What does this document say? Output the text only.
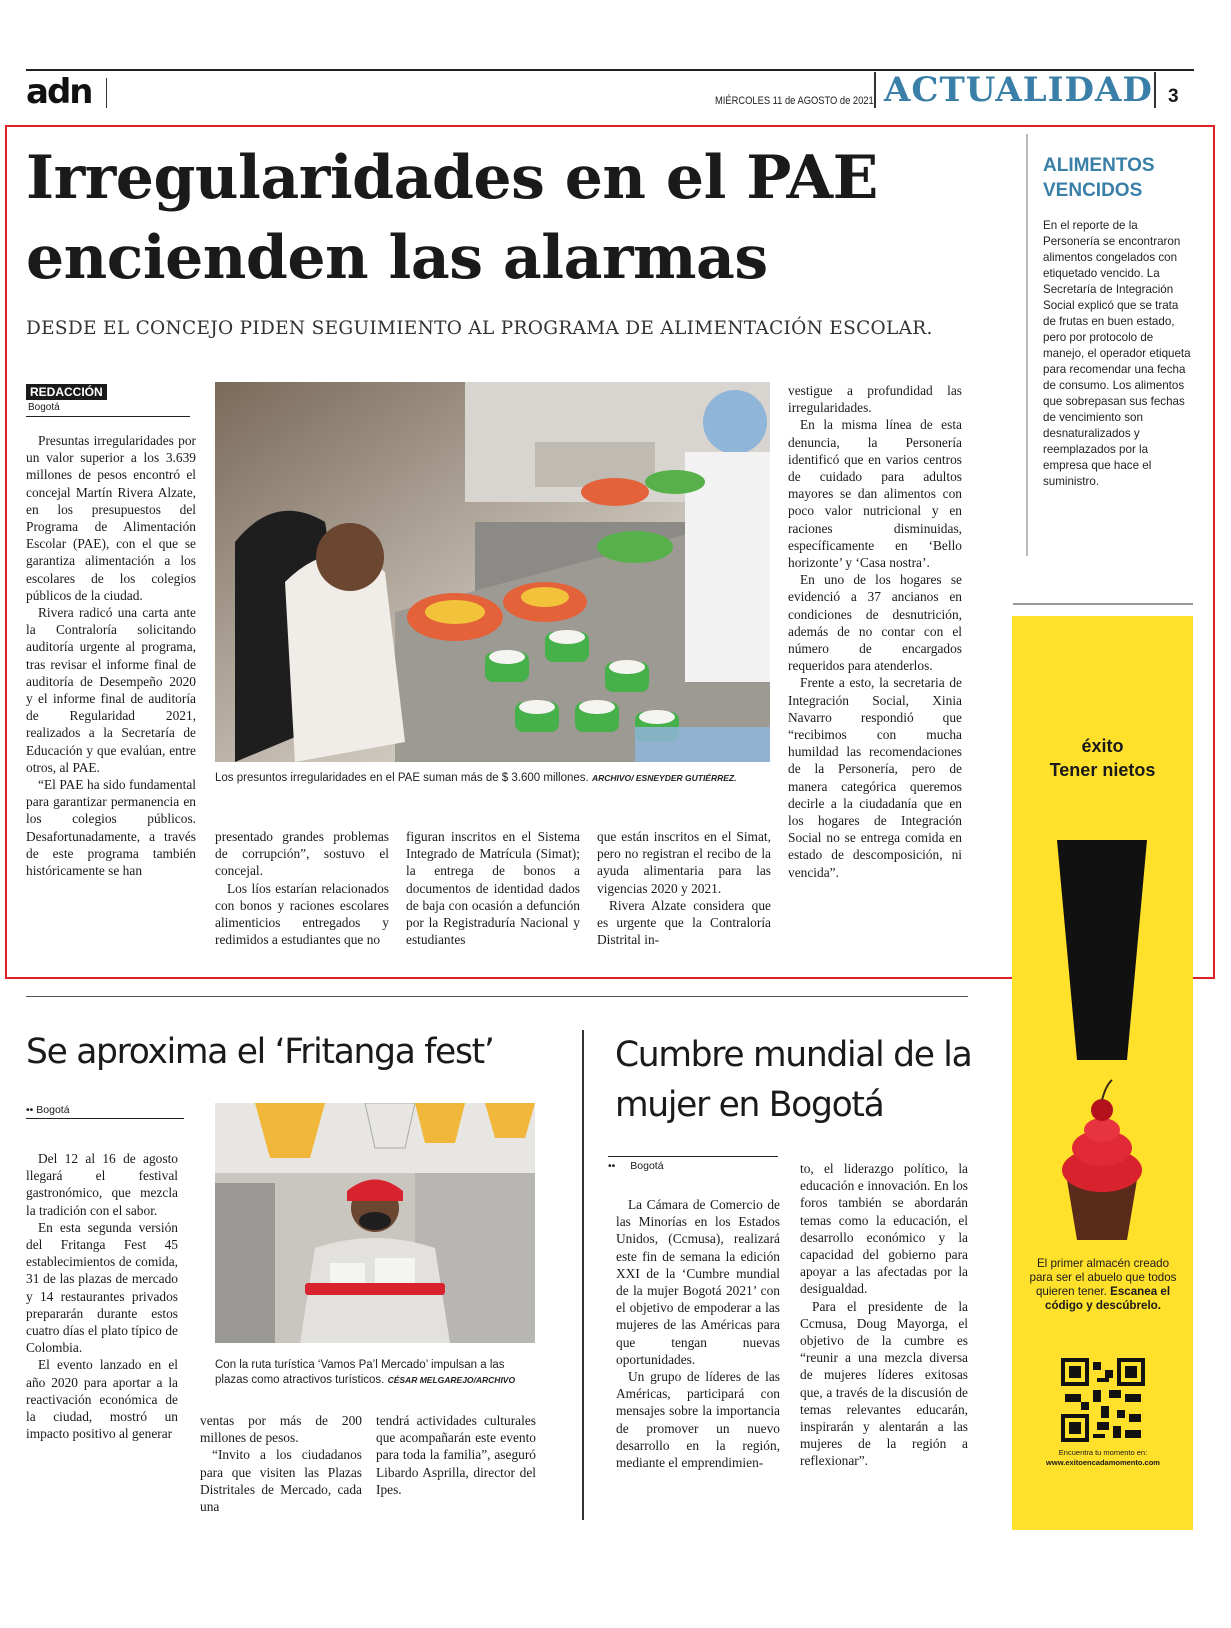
adn	MIÉRCOLES 11 de AGOSTO de 2021 ACTUALIDAD 3
Irregularidades en el PAE
encienden las alarmas
DESDE EL CONCEJO PIDEN SEGUIMIENTO AL PROGRAMA DE ALIMENTACIÓN ESCOLAR.
REDACCIÓN
Bogotá

Presuntas irregularidades por un valor superior a los 3.639 millones de pesos encontró el concejal Martín Rivera Alzate, en los presupuestos del Programa de Alimentación Escolar (PAE), con el que se garantiza alimentación a los escolares de los colegios públicos de la ciudad.

Rivera radicó una carta ante la Contraloría solicitando auditoría urgente al programa, tras revisar el informe final de auditoría de Desempeño 2020 y el informe final de auditoría de Regularidad 2021, realizados a la Secretaría de Educación y que evalúan, entre otros, al PAE.

“El PAE ha sido fundamental para garantizar permanencia en los colegios públicos. Desafortunadamente, a través de este programa también históricamente se han

Los presuntos irregularidades en el PAE suman más de $ 3.600 millones. ARCHIVO/ ESNEYDER GUTIÉRREZ.

presentado grandes problemas de corrupción”, sostuvo el concejal.

Los líos estarían relacionados con bonos y raciones escolares alimenticios entregados y redimidos a estudiantes que no

figuran inscritos en el Sistema Integrado de Matrícula (Simat); la entrega de bonos a documentos de identidad dados de baja con ocasión a defunción por la Registraduría Nacional y estudiantes

que están inscritos en el Simat, pero no registran el recibo de la ayuda alimentaria para las vigencias 2020 y 2021.

Rivera Alzate considera que es urgente que la Contraloría Distrital in-

vestigue a profundidad las irregularidades.

En la misma línea de esta denuncia, la Personería identificó que en varios centros de cuidado para adultos mayores se dan alimentos con poco valor nutricional y en raciones disminuidas, específicamente en ‘Bello horizonte’ y ‘Casa nostra’.

En uno de los hogares se evidenció a 37 ancianos en condiciones de desnutrición, además de no contar con el número de encargados requeridos para atenderlos.

Frente a esto, la secretaria de Integración Social, Xinia Navarro respondió que “recibimos con mucha humildad las recomendaciones de la Personería, pero de manera categórica queremos decirle a la ciudadanía que en los hogares de Integración Social no se entrega comida en estado de descomposición, ni vencida”.

ALIMENTOS VENCIDOS
En el reporte de la Personería se encontraron alimentos congelados con etiquetado vencido. La Secretaría de Integración Social explicó que se trata de frutas en buen estado, pero por protocolo de manejo, el operador etiqueta para recomendar una fecha de consumo. Los alimentos que sobrepasan sus fechas de vencimiento son desnaturalizados y reemplazados por la empresa que hace el suministro.
éxito
Tener nietos
El primer almacén creado para ser el abuelo que todos quieren tener. Escanea el código y descúbrelo.
Encuentra tu momento en:
www.exitoencadamomento.com
Se aproxima el ‘Fritanga fest’
•• Bogotá

Del 12 al 16 de agosto llegará el festival gastronómico, que mezcla la tradición con el sabor.

En esta segunda versión del Fritanga Fest 45 establecimientos de comida, 31 de las plazas de mercado y 14 restaurantes privados prepararán durante estos cuatro días el plato típico de Colombia.

El evento lanzado en el año 2020 para aportar a la reactivación económica de la ciudad, mostró un impacto positivo al generar

Con la ruta turística ‘Vamos Pa’l Mercado’ impulsan a las plazas como atractivos turísticos. CÉSAR MELGAREJO/ARCHIVO

ventas por más de 200 millones de pesos.

“Invito a los ciudadanos para que visiten las Plazas Distritales de Mercado, cada una

tendrá actividades culturales que acompañarán este evento para toda la familia”, aseguró Libardo Asprilla, director del Ipes.

Cumbre mundial de la mujer en Bogotá
•• Bogotá

La Cámara de Comercio de las Minorías en los Estados Unidos, (Ccmusa), realizará este fin de semana la edición XXI de la ‘Cumbre mundial de la mujer Bogotá 2021’ con el objetivo de empoderar a las mujeres de las Américas para que tengan nuevas oportunidades.

Un grupo de líderes de las Américas, participará con mensajes sobre la importancia de promover un nuevo desarrollo en la región, mediante el emprendimien-

to, el liderazgo político, la educación e innovación. En los foros también se abordarán temas como la educación, el desarrollo económico y la capacidad del gobierno para apoyar a las afectadas por la desigualdad.

Para el presidente de la Ccmusa, Doug Mayorga, el objetivo de la cumbre es “reunir a una mezcla diversa de mujeres líderes exitosas que, a través de la discusión de temas relevantes educarán, inspirarán y alentarán a las mujeres de la región a reflexionar”.
